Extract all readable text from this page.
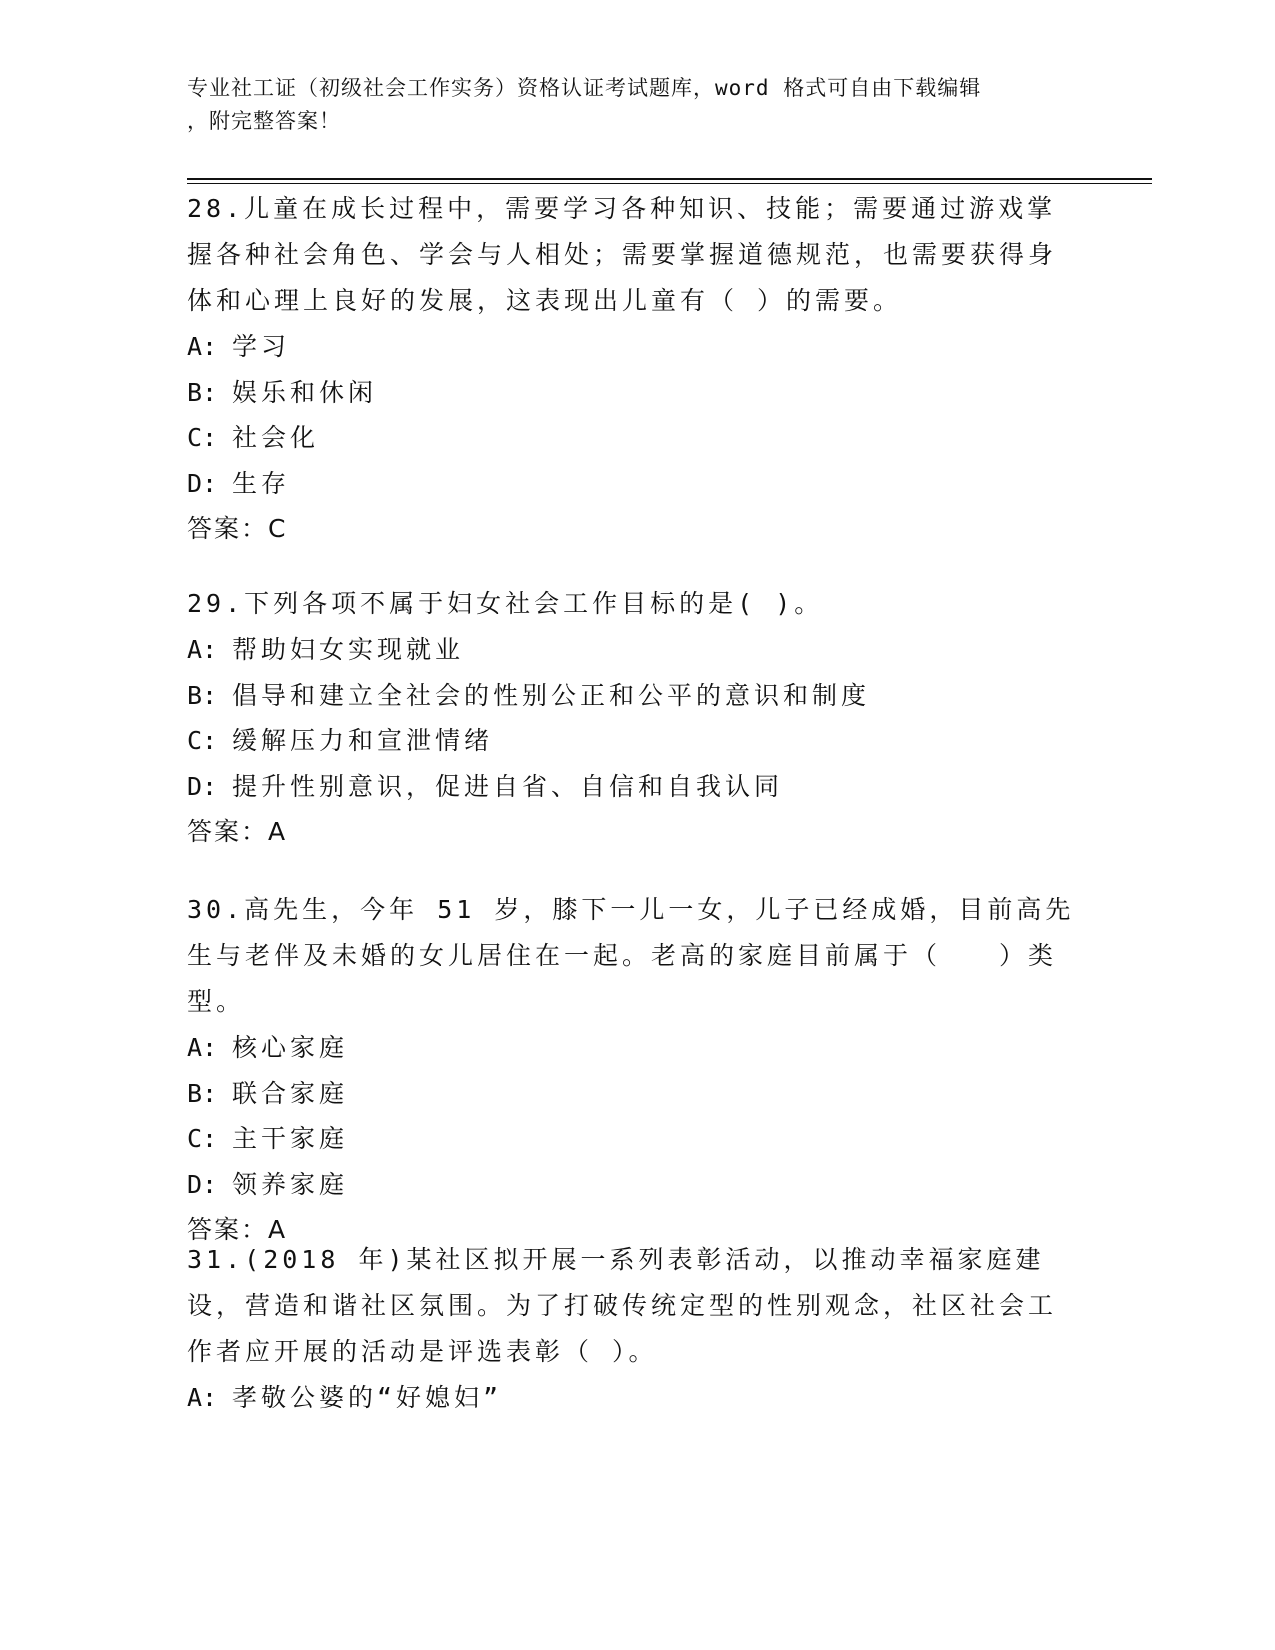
专业社工证（初级社会工作实务）资格认证考试题库，word 格式可自由下载编辑
，附完整答案！

28.儿童在成长过程中，需要学习各种知识、技能；需要通过游戏掌握各种社会角色、学会与人相处；需要掌握道德规范，也需要获得身体和心理上良好的发展，这表现出儿童有（ ）的需要。

A: 学习

B: 娱乐和休闲

C: 社会化

D: 生存

答案：C

29.下列各项不属于妇女社会工作目标的是( )。

A: 帮助妇女实现就业

B: 倡导和建立全社会的性别公正和公平的意识和制度

C: 缓解压力和宣泄情绪

D: 提升性别意识，促进自省、自信和自我认同

答案：A

30.高先生，今年 51 岁，膝下一儿一女，儿子已经成婚，目前高先生与老伴及未婚的女儿居住在一起。老高的家庭目前属于（　　）类型。

A: 核心家庭

B: 联合家庭

C: 主干家庭

D: 领养家庭

答案：A

31.(2018 年)某社区拟开展一系列表彰活动，以推动幸福家庭建设，营造和谐社区氛围。为了打破传统定型的性别观念，社区社会工作者应开展的活动是评选表彰（ ）。

A: 孝敬公婆的“好媳妇”
